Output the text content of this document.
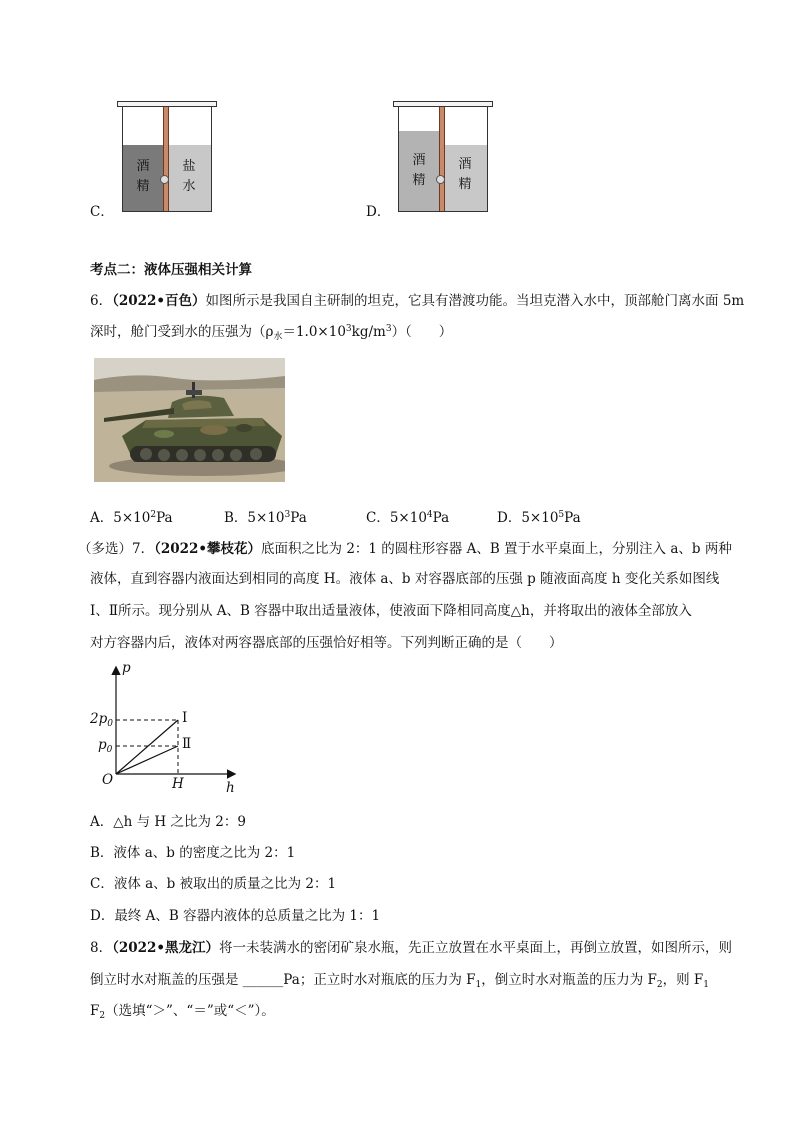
酒
精
盐
水
C．
酒
精
酒
精
D．
考点二：液体压强相关计算
6．（2022•百色）如图所示是我国自主研制的坦克，它具有潜渡功能。当坦克潜入水中，顶部舱门离水面 5m
深时，舱门受到水的压强为$(\rho_水=1.0\times 10^3kg/m^3)$（　　）
A．$5\times 10^2Pa$	B．$5\times 10^3Pa$	C．$5\times 10^4Pa$	D．$5\times 10^5Pa$
（多选）7．（2022•攀枝花）底面积之比为 2：1 的圆柱形容器 A、B 置于水平桌面上，分别注入 a、b 两种
液体，直到容器内液面达到相同的高度 H。液体 a、b 对容器底部的压强 p 随液面高度 h 变化关系如图线
Ⅰ、Ⅱ所示。现分别从 A、B 容器中取出适量液体，使液面下降相同高度△h，并将取出的液体全部放入
对方容器内后，液体对两容器底部的压强恰好相等。下列判断正确的是（　　）
p
h
O	H
$2p_0$
$p_0$
Ⅰ
Ⅱ
A．△h 与 H 之比为 2：9
B．液体 a、b 的密度之比为 2：1
C．液体 a、b 被取出的质量之比为 2：1
D．最终 A、B 容器内液体的总质量之比为 1：1
8．（2022•黑龙江）将一未装满水的密闭矿泉水瓶，先正立放置在水平桌面上，再倒立放置，如图所示，则
倒立时水对瓶盖的压强是 ______Pa；正立时水对瓶底的压力为 $F_1$，倒立时水对瓶盖的压力为 $F_2$，则 $F_1$
$F_2$（选填“＞”、“＝”或“＜”）。
